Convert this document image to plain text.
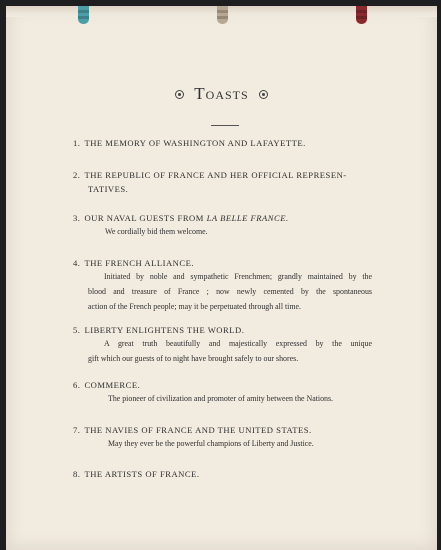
Toasts
1. THE MEMORY OF WASHINGTON AND LAFAYETTE.
2. THE REPUBLIC OF FRANCE AND HER OFFICIAL REPRESEN-
TATIVES.
3. OUR NAVAL GUESTS FROM LA BELLE FRANCE.
We cordially bid them welcome.
4. THE FRENCH ALLIANCE.
Initiated by noble and sympathetic Frenchmen; grandly maintained by the
blood and treasure of France ; now newly cemented by the spontaneous
action of the French people; may it be perpetuated through all time.
5. LIBERTY ENLIGHTENS THE WORLD.
A great truth beautifully and majestically expressed by the unique
gift which our guests of to night have brought safely to our shores.
6. COMMERCE.
The pioneer of civilization and promoter of amity between the Nations.
7. THE NAVIES OF FRANCE AND THE UNITED STATES.
May they ever be the powerful champions of Liberty and Justice.
8. THE ARTISTS OF FRANCE.
